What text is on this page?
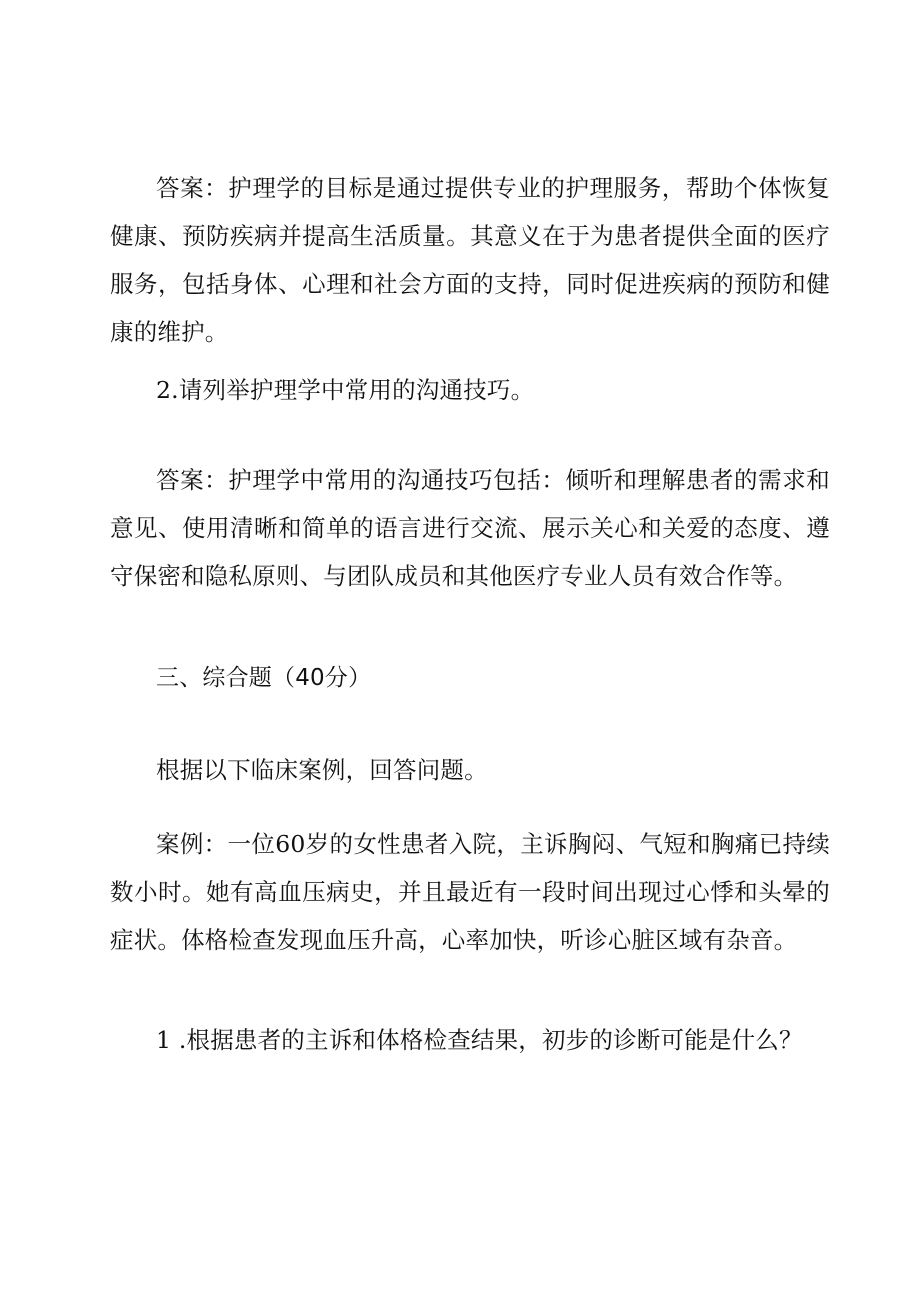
答案：护理学的目标是通过提供专业的护理服务，帮助个体恢复健康、预防疾病并提高生活质量。其意义在于为患者提供全面的医疗服务，包括身体、心理和社会方面的支持，同时促进疾病的预防和健康的维护。

2.请列举护理学中常用的沟通技巧。

答案：护理学中常用的沟通技巧包括：倾听和理解患者的需求和意见、使用清晰和简单的语言进行交流、展示关心和关爱的态度、遵守保密和隐私原则、与团队成员和其他医疗专业人员有效合作等。

三、综合题（40分）

根据以下临床案例，回答问题。

案例：一位60岁的女性患者入院，主诉胸闷、气短和胸痛已持续数小时。她有高血压病史，并且最近有一段时间出现过心悸和头晕的症状。体格检查发现血压升高，心率加快，听诊心脏区域有杂音。

1 .根据患者的主诉和体格检查结果，初步的诊断可能是什么？
